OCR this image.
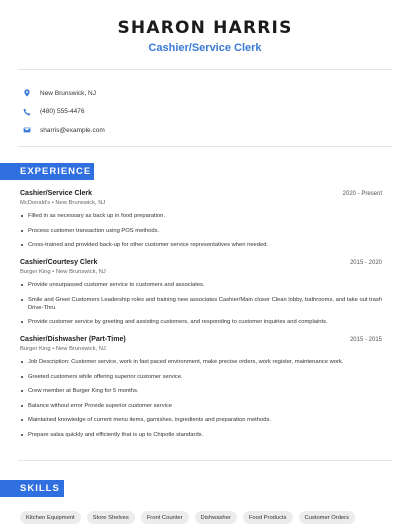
SHARON HARRIS
Cashier/Service Clerk
New Brunswick, NJ
(480) 555-4476
sharris@example.com
EXPERIENCE
Cashier/Service Clerk	2020 - Present
McDonald's • New Brunswick, NJ
Filled in as necessary as back up in food preparation.
Process customer transaction using POS methods.
Cross-trained and provided back-up for other customer service representatives when needed.
Cashier/Courtesy Clerk	2015 - 2020
Burger King • New Brunswick, NJ
Provide unsurpassed customer service to customers and associates.
Smile and Greet Customers Leadership roles and training new associates Cashier/Main closer Clean lobby, bathrooms, and take out trash Drive-Thru
Provide customer service by greeting and assisting customers, and responding to customer inquiries and complaints.
Cashier/Dishwasher (Part-Time)	2015 - 2015
Burger King • New Brunswick, NJ
Job Description: Customer service, work in fast paced environment, make precise orders, work register, maintenance work.
Greeted customers while offering superior customer service.
Crew member at Burger King for 5 months.
Balance without error Provide superior customer service
Maintained knowledge of current menu items, garnishes, ingredients and preparation methods.
Prepare salsa quickly and efficiently that is up to Chipotle standards.
SKILLS
Kitchen Equipment	Store Shelves	Front Counter	Dishwasher	Food Products	Customer Orders
